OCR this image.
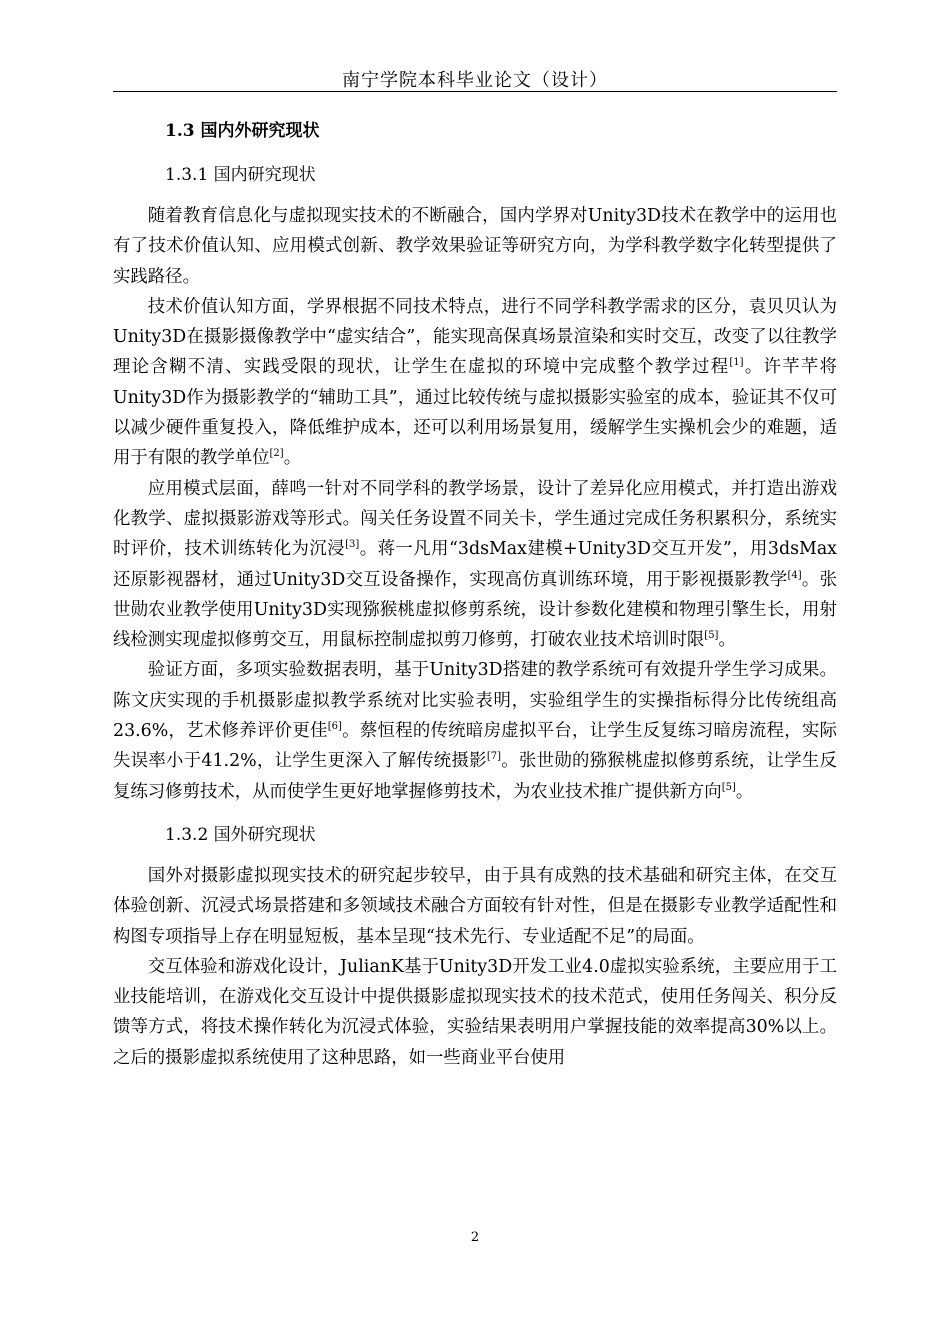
南宁学院本科毕业论文（设计）
1.3 国内外研究现状
1.3.1 国内研究现状

随着教育信息化与虚拟现实技术的不断融合，国内学界对Unity3D技术在教学中的运用也有了技术价值认知、应用模式创新、教学效果验证等研究方向，为学科教学数字化转型提供了实践路径。

技术价值认知方面，学界根据不同技术特点，进行不同学科教学需求的区分，袁贝贝认为Unity3D在摄影摄像教学中“虚实结合”，能实现高保真场景渲染和实时交互，改变了以往教学理论含糊不清、实践受限的现状，让学生在虚拟的环境中完成整个教学过程[1]。许芊芊将Unity3D作为摄影教学的“辅助工具”，通过比较传统与虚拟摄影实验室的成本，验证其不仅可以减少硬件重复投入，降低维护成本，还可以利用场景复用，缓解学生实操机会少的难题，适用于有限的教学单位[2]。

应用模式层面，薛鸣一针对不同学科的教学场景，设计了差异化应用模式，并打造出游戏化教学、虚拟摄影游戏等形式。闯关任务设置不同关卡，学生通过完成任务积累积分，系统实时评价，技术训练转化为沉浸[3]。蒋一凡用“3dsMax建模+Unity3D交互开发”，用3dsMax还原影视器材，通过Unity3D交互设备操作，实现高仿真训练环境，用于影视摄影教学[4]。张世勋农业教学使用Unity3D实现猕猴桃虚拟修剪系统，设计参数化建模和物理引擎生长，用射线检测实现虚拟修剪交互，用鼠标控制虚拟剪刀修剪，打破农业技术培训时限[5]。

验证方面，多项实验数据表明，基于Unity3D搭建的教学系统可有效提升学生学习成果。陈文庆实现的手机摄影虚拟教学系统对比实验表明，实验组学生的实操指标得分比传统组高23.6%，艺术修养评价更佳[6]。蔡恒程的传统暗房虚拟平台，让学生反复练习暗房流程，实际失误率小于41.2%，让学生更深入了解传统摄影[7]。张世勋的猕猴桃虚拟修剪系统，让学生反复练习修剪技术，从而使学生更好地掌握修剪技术，为农业技术推广提供新方向[5]。

1.3.2 国外研究现状

国外对摄影虚拟现实技术的研究起步较早，由于具有成熟的技术基础和研究主体，在交互体验创新、沉浸式场景搭建和多领域技术融合方面较有针对性，但是在摄影专业教学适配性和构图专项指导上存在明显短板，基本呈现“技术先行、专业适配不足”的局面。

交互体验和游戏化设计，JulianK基于Unity3D开发工业4.0虚拟实验系统，主要应用于工业技能培训，在游戏化交互设计中提供摄影虚拟现实技术的技术范式，使用任务闯关、积分反馈等方式，将技术操作转化为沉浸式体验，实验结果表明用户掌握技能的效率提高30%以上。之后的摄影虚拟系统使用了这种思路，如一些商业平台使用

2
